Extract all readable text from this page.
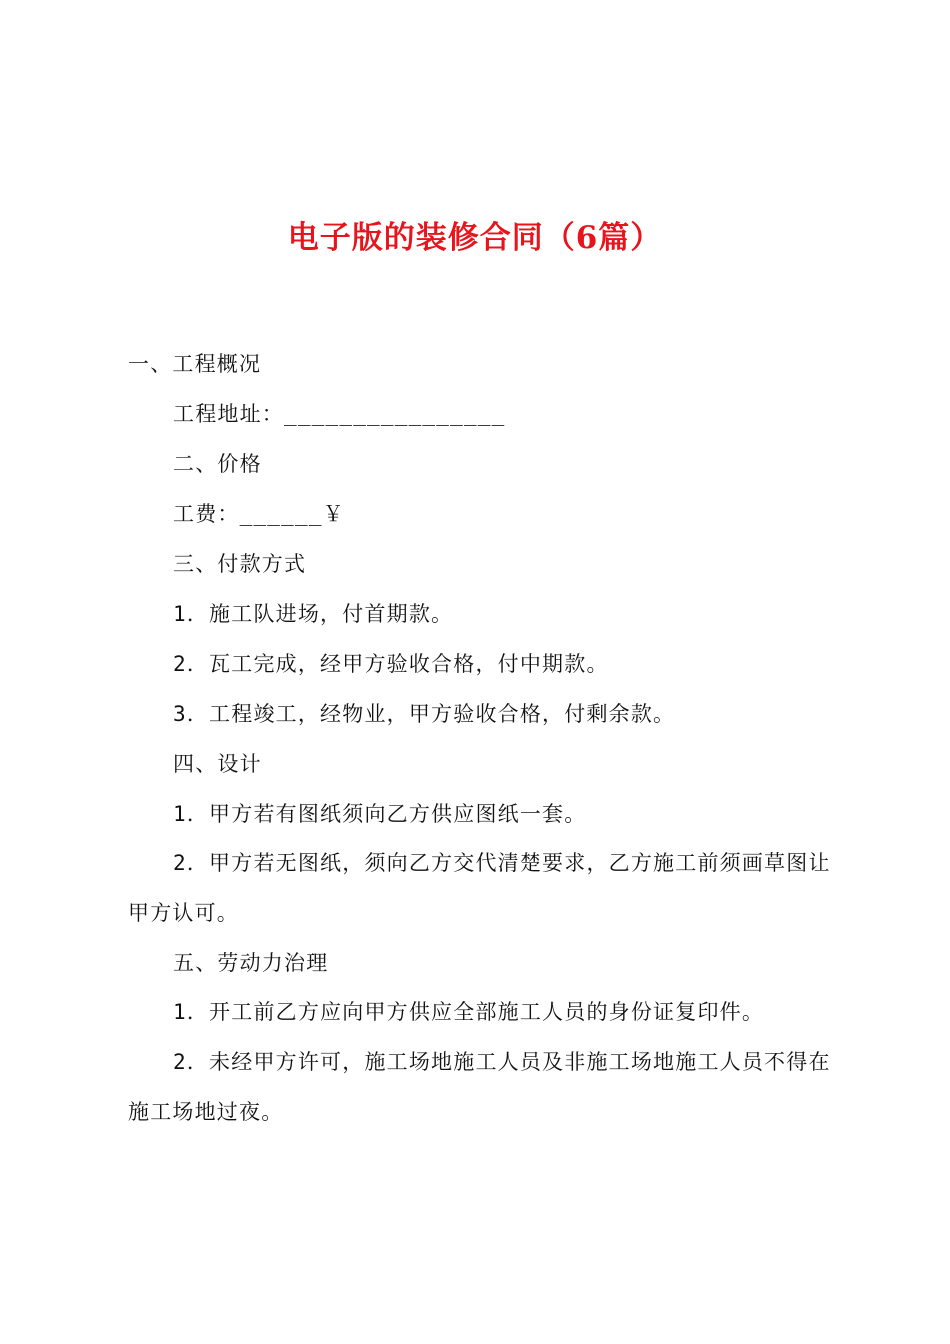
电子版的装修合同（6篇）

一、工程概况

工程地址：________________

二、价格

工费：______￥

三、付款方式

1．施工队进场，付首期款。

2．瓦工完成，经甲方验收合格，付中期款。

3．工程竣工，经物业，甲方验收合格，付剩余款。

四、设计

1．甲方若有图纸须向乙方供应图纸一套。

2．甲方若无图纸，须向乙方交代清楚要求，乙方施工前须画草图让

甲方认可。

五、劳动力治理

1．开工前乙方应向甲方供应全部施工人员的身份证复印件。

2．未经甲方许可，施工场地施工人员及非施工场地施工人员不得在

施工场地过夜。
